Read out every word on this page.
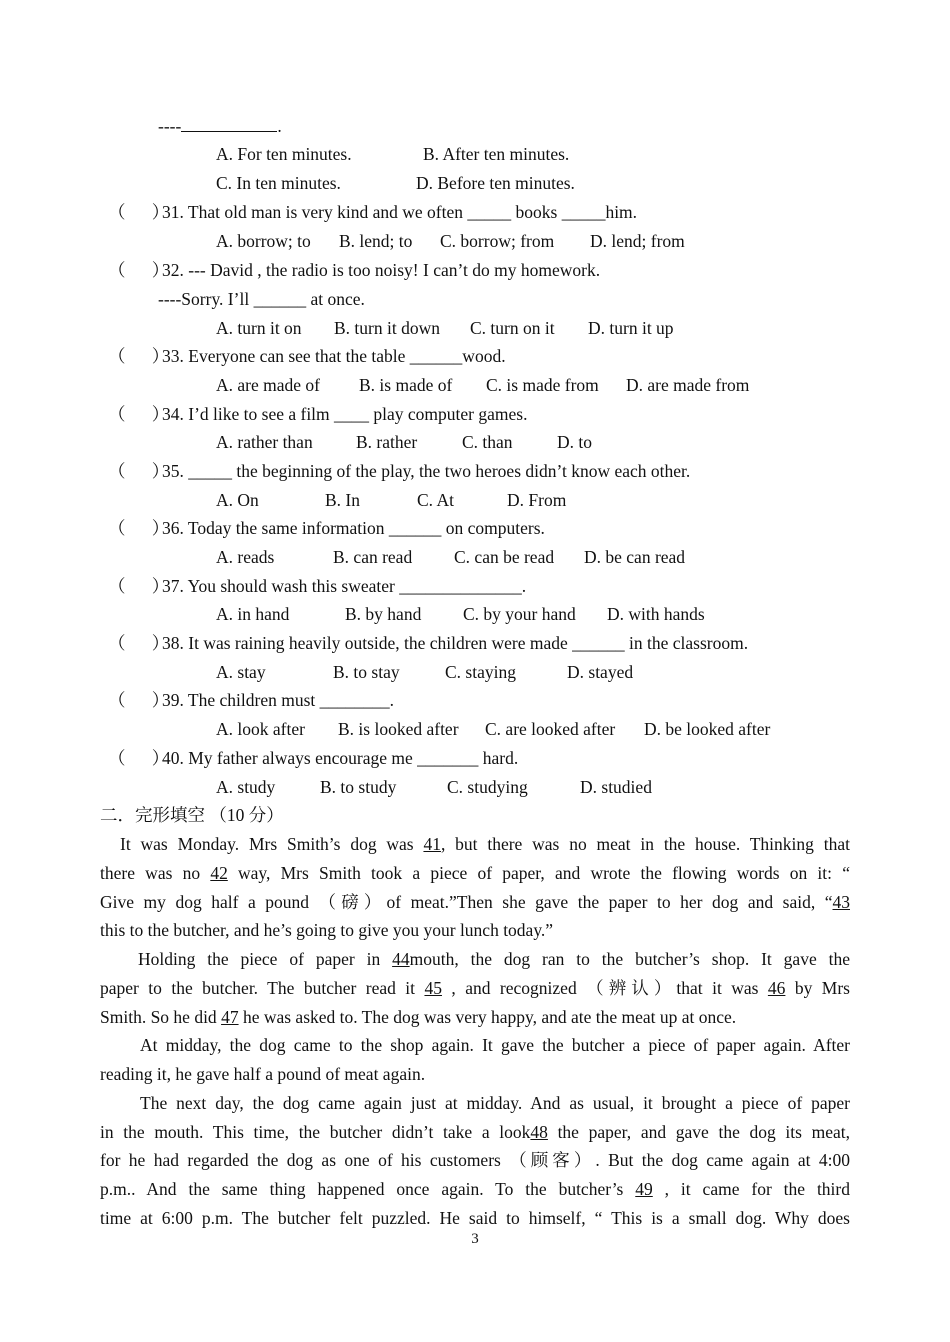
----	.
A. For ten minutes.	B. After ten minutes.
C. In ten minutes.	D. Before ten minutes.
（      ）
31. That old man is very kind and we often _____ books _____him.
A. borrow; to B. lend; to C. borrow; from D. lend; from
（      ）
32. --- David , the radio is too noisy! I can’t do my homework.
----Sorry. I’ll ______ at once.
A. turn it on B. turn it down C. turn on it D. turn it up
（      ）
33. Everyone can see that the table ______wood.
A. are made of B. is made of C. is made from D. are made from
（      ）
34. I’d like to see a film ____ play computer games.
A. rather than B. rather	C. than	D. to
（      ）
35. _____ the beginning of the play, the two heroes didn’t know each other.
A. On	B. In	C. At	D. From
（      ）
36. Today the same information ______ on computers.
A. reads	B. can read C. can be read D. be can read
（      ）
37. You should wash this sweater ______________.
A. in hand	B. by hand C. by your hand D. with hands
（      ）
38. It was raining heavily outside, the children were made ______ in the classroom.
A. stay	B. to stay	C. staying	D. stayed
（      ）
39. The children must ________.
A. look after B. is looked after C. are looked after D. be looked after
（      ）
40. My father always encourage me _______ hard.
A. study	B. to study	C. studying	D. studied
二．完形填空 （10 分）
It was Monday. Mrs Smith’s dog was 41, but there was no meat in the house. Thinking that
there was no 42 way, Mrs Smith took a piece of paper, and wrote the flowing words on it: “
Give my dog half a pound （磅）of meat.”Then she gave the paper to her dog and said, “43
this to the butcher, and he’s going to give you your lunch today.”
Holding the piece of paper in 44mouth, the dog ran to the butcher’s shop. It gave the
paper to the butcher. The butcher read it 45 , and recognized （辨认）that it was 46 by Mrs
Smith. So he did 47 he was asked to. The dog was very happy, and ate the meat up at once.
At midday, the dog came to the shop again. It gave the butcher a piece of paper again. After
reading it, he gave half a pound of meat again.
The next day, the dog came again just at midday. And as usual, it brought a piece of paper
in the mouth. This time, the butcher didn’t take a look48 the paper, and gave the dog its meat,
for he had regarded the dog as one of his customers （顾客）. But the dog came again at 4:00
p.m.. And the same thing happened once again. To the butcher’s 49 , it came for the third
time at 6:00 p.m. The butcher felt puzzled. He said to himself, “ This is a small dog. Why does
3
